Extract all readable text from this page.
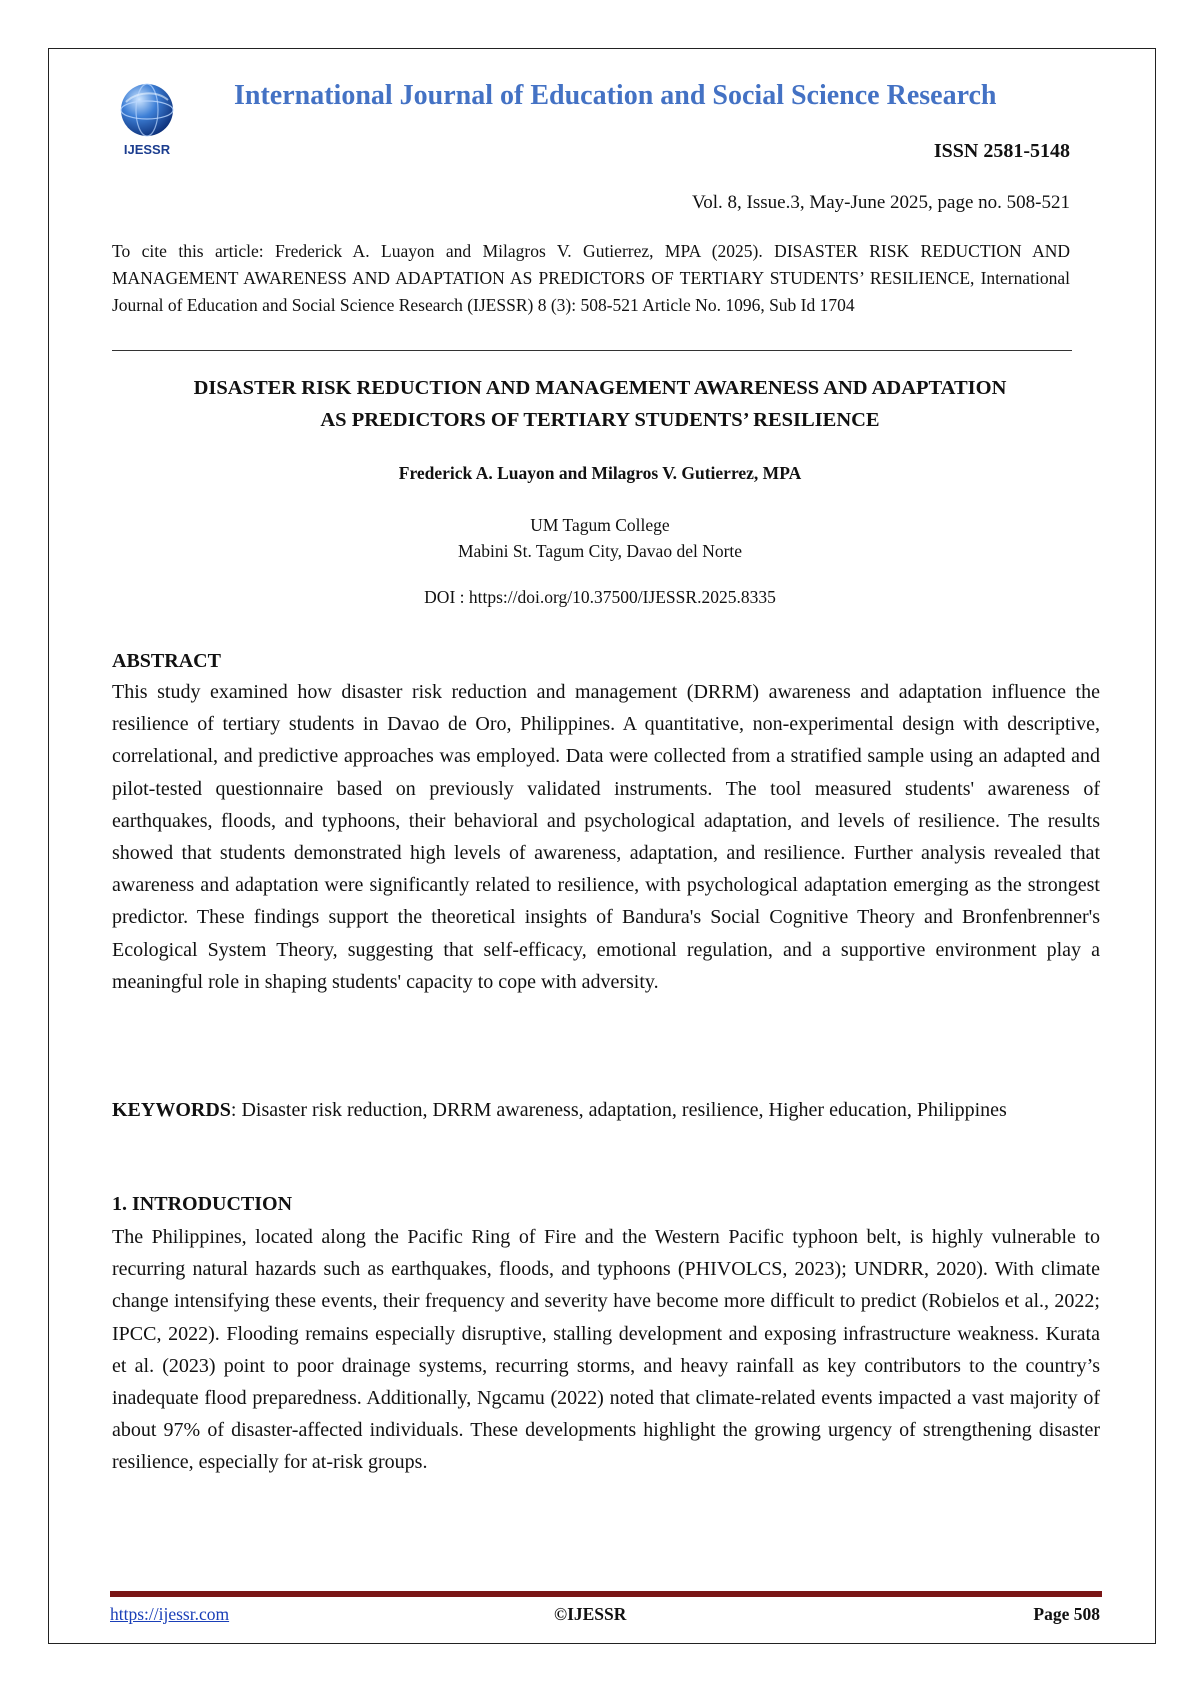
IJESSR
International Journal of Education and Social Science Research
ISSN 2581-5148
Vol. 8, Issue.3, May-June 2025, page no. 508-521
To cite this article: Frederick A. Luayon and Milagros V. Gutierrez, MPA (2025). DISASTER RISK REDUCTION AND MANAGEMENT AWARENESS AND ADAPTATION AS PREDICTORS OF TERTIARY STUDENTS’ RESILIENCE, International Journal of Education and Social Science Research (IJESSR) 8 (3): 508-521 Article No. 1096, Sub Id 1704
DISASTER RISK REDUCTION AND MANAGEMENT AWARENESS AND ADAPTATION
AS PREDICTORS OF TERTIARY STUDENTS’ RESILIENCE
Frederick A. Luayon and Milagros V. Gutierrez, MPA
UM Tagum College
Mabini St. Tagum City, Davao del Norte
DOI : https://doi.org/10.37500/IJESSR.2025.8335
ABSTRACT

This study examined how disaster risk reduction and management (DRRM) awareness and adaptation influence the resilience of tertiary students in Davao de Oro, Philippines. A quantitative, non-experimental design with descriptive, correlational, and predictive approaches was employed. Data were collected from a stratified sample using an adapted and pilot-tested questionnaire based on previously validated instruments. The tool measured students' awareness of earthquakes, floods, and typhoons, their behavioral and psychological adaptation, and levels of resilience. The results showed that students demonstrated high levels of awareness, adaptation, and resilience. Further analysis revealed that awareness and adaptation were significantly related to resilience, with psychological adaptation emerging as the strongest predictor. These findings support the theoretical insights of Bandura's Social Cognitive Theory and Bronfenbrenner's Ecological System Theory, suggesting that self-efficacy, emotional regulation, and a supportive environment play a meaningful role in shaping students' capacity to cope with adversity.

KEYWORDS: Disaster risk reduction, DRRM awareness, adaptation, resilience, Higher education, Philippines

1. INTRODUCTION

The Philippines, located along the Pacific Ring of Fire and the Western Pacific typhoon belt, is highly vulnerable to recurring natural hazards such as earthquakes, floods, and typhoons (PHIVOLCS, 2023); UNDRR, 2020). With climate change intensifying these events, their frequency and severity have become more difficult to predict (Robielos et al., 2022; IPCC, 2022). Flooding remains especially disruptive, stalling development and exposing infrastructure weakness. Kurata et al. (2023) point to poor drainage systems, recurring storms, and heavy rainfall as key contributors to the country’s inadequate flood preparedness. Additionally, Ngcamu (2022) noted that climate-related events impacted a vast majority of about 97% of disaster-affected individuals. These developments highlight the growing urgency of strengthening disaster resilience, especially for at-risk groups.

https://ijessr.com	©IJESSR	Page 508
